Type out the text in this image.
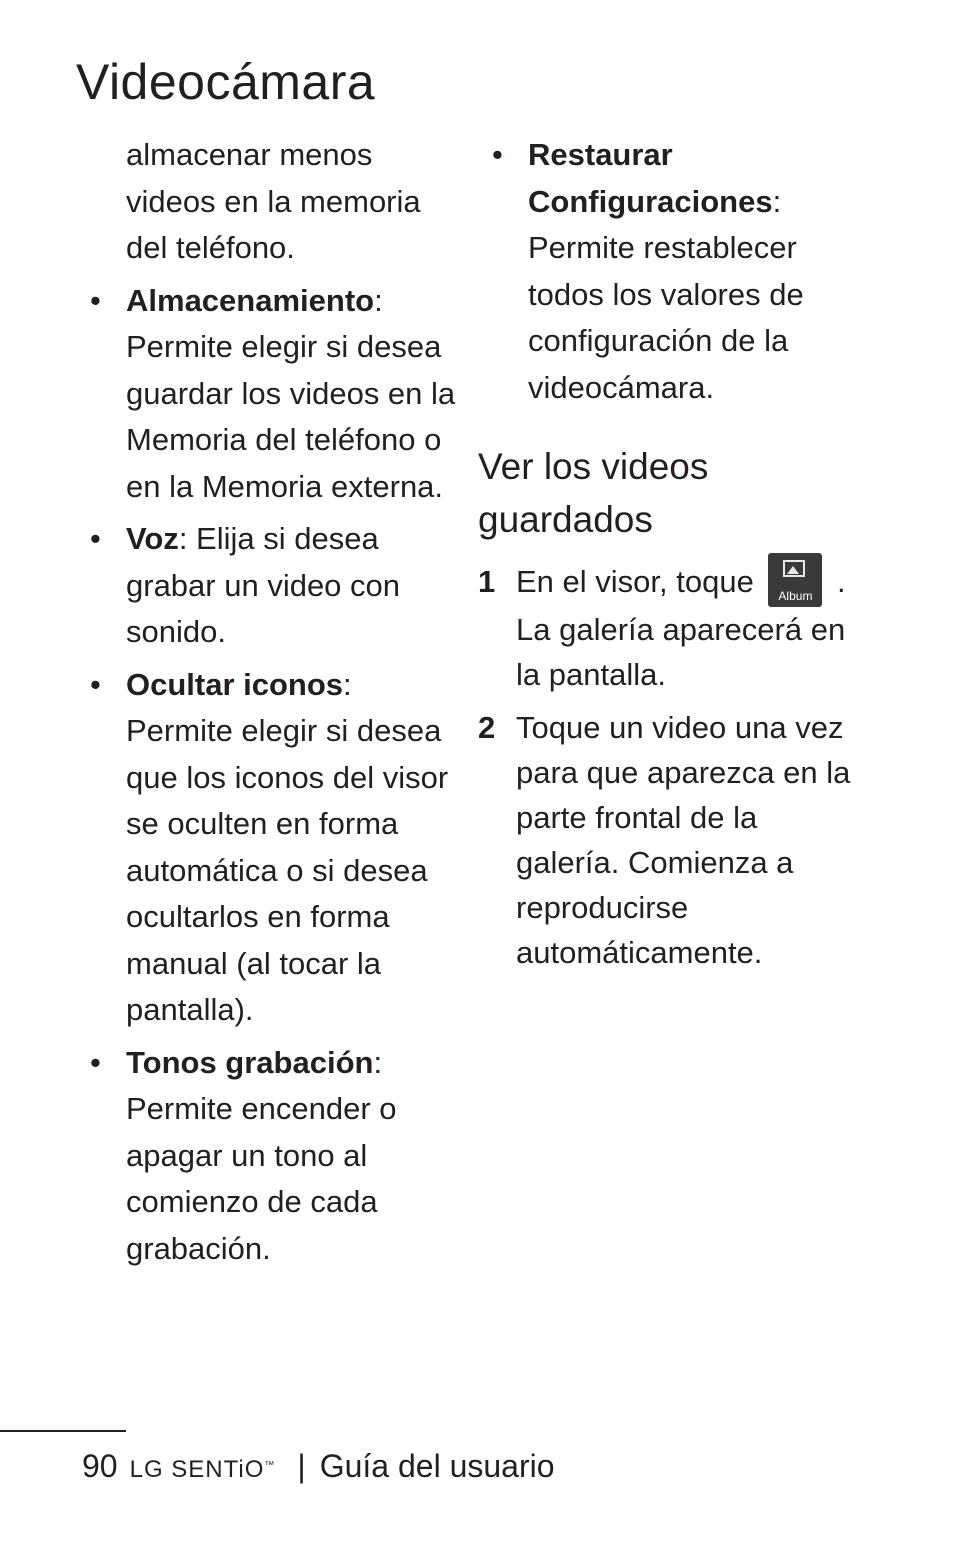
Videocámara

almacenar menos videos en la memoria del teléfono.

• Almacenamiento: Permite elegir si desea guardar los videos en la Memoria del teléfono o en la Memoria externa.
• Voz: Elija si desea grabar un video con sonido.
• Ocultar iconos: Permite elegir si desea que los iconos del visor se oculten en forma automática o si desea ocultarlos en forma manual (al tocar la pantalla).
• Tonos grabación: Permite encender o apagar un tono al comienzo de cada grabación.
• Restaurar Configuraciones: Permite restablecer todos los valores de configuración de la videocámara.
Ver los videos guardados
1 En el visor, toque	Album . La galería aparecerá en la pantalla.
2 Toque un video una vez para que aparezca en la parte frontal de la galería. Comienza a reproducirse automáticamente.
90 LG SENTiO™ | Guía del usuario
